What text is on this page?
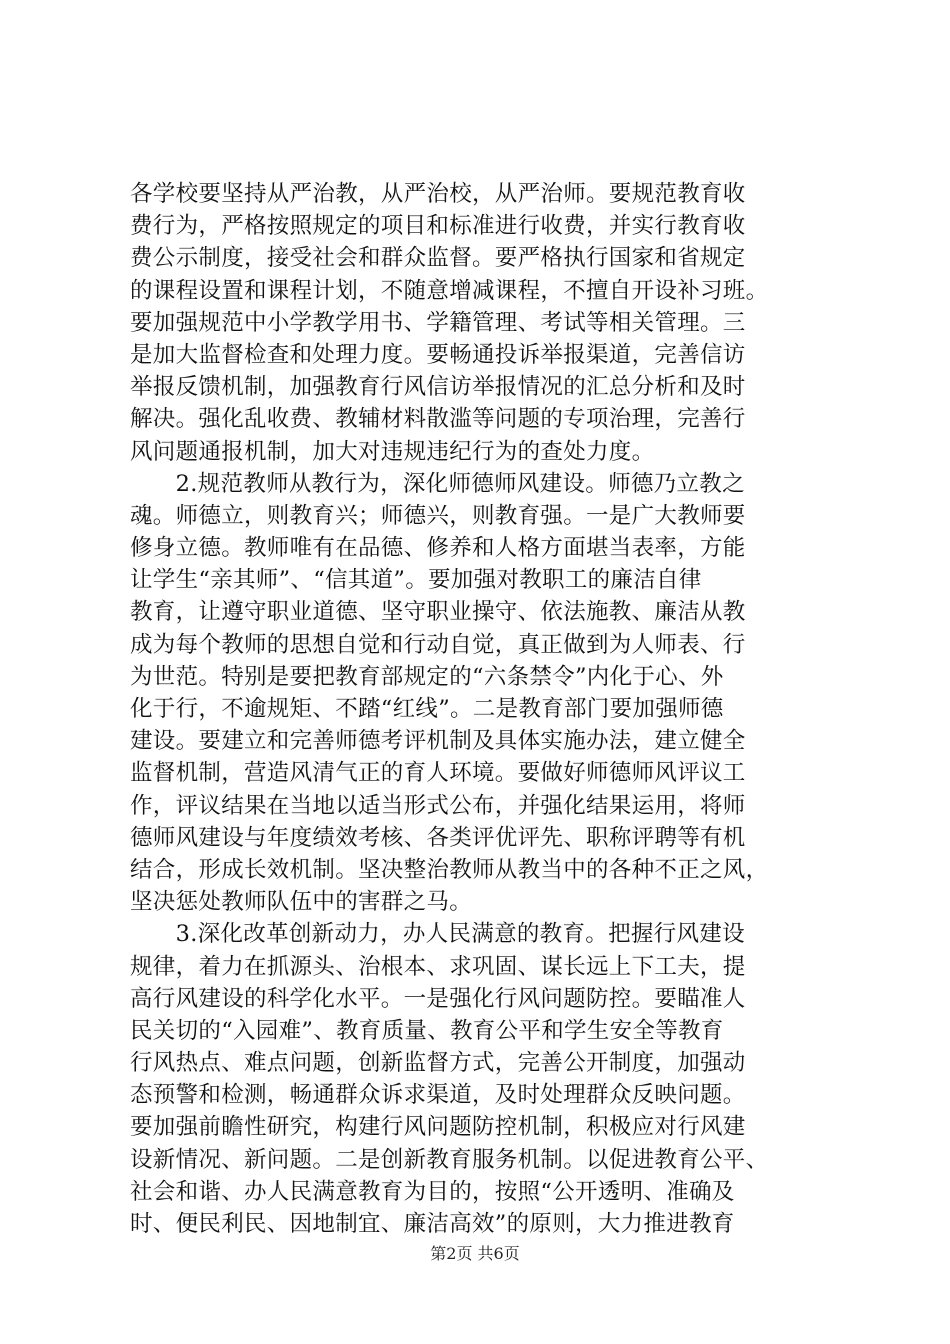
各学校要坚持从严治教，从严治校，从严治师。要规范教育收
费行为，严格按照规定的项目和标准进行收费，并实行教育收
费公示制度，接受社会和群众监督。要严格执行国家和省规定
的课程设置和课程计划，不随意增减课程，不擅自开设补习班。
要加强规范中小学教学用书、学籍管理、考试等相关管理。三
是加大监督检查和处理力度。要畅通投诉举报渠道，完善信访
举报反馈机制，加强教育行风信访举报情况的汇总分析和及时
解决。强化乱收费、教辅材料散滥等问题的专项治理，完善行
风问题通报机制，加大对违规违纪行为的查处力度。
　　2.规范教师从教行为，深化师德师风建设。师德乃立教之
魂。师德立，则教育兴；师德兴，则教育强。一是广大教师要
修身立德。教师唯有在品德、修养和人格方面堪当表率，方能
让学生“亲其师”、“信其道”。要加强对教职工的廉洁自律
教育，让遵守职业道德、坚守职业操守、依法施教、廉洁从教
成为每个教师的思想自觉和行动自觉，真正做到为人师表、行
为世范。特别是要把教育部规定的“六条禁令”内化于心、外
化于行，不逾规矩、不踏“红线”。二是教育部门要加强师德
建设。要建立和完善师德考评机制及具体实施办法，建立健全
监督机制，营造风清气正的育人环境。要做好师德师风评议工
作，评议结果在当地以适当形式公布，并强化结果运用，将师
德师风建设与年度绩效考核、各类评优评先、职称评聘等有机
结合，形成长效机制。坚决整治教师从教当中的各种不正之风，
坚决惩处教师队伍中的害群之马。
　　3.深化改革创新动力，办人民满意的教育。把握行风建设
规律，着力在抓源头、治根本、求巩固、谋长远上下工夫，提
高行风建设的科学化水平。一是强化行风问题防控。要瞄准人
民关切的“入园难”、教育质量、教育公平和学生安全等教育
行风热点、难点问题，创新监督方式，完善公开制度，加强动
态预警和检测，畅通群众诉求渠道，及时处理群众反映问题。
要加强前瞻性研究，构建行风问题防控机制，积极应对行风建
设新情况、新问题。二是创新教育服务机制。以促进教育公平、
社会和谐、办人民满意教育为目的，按照“公开透明、准确及
时、便民利民、因地制宜、廉洁高效”的原则，大力推进教育
第2页 共6页
